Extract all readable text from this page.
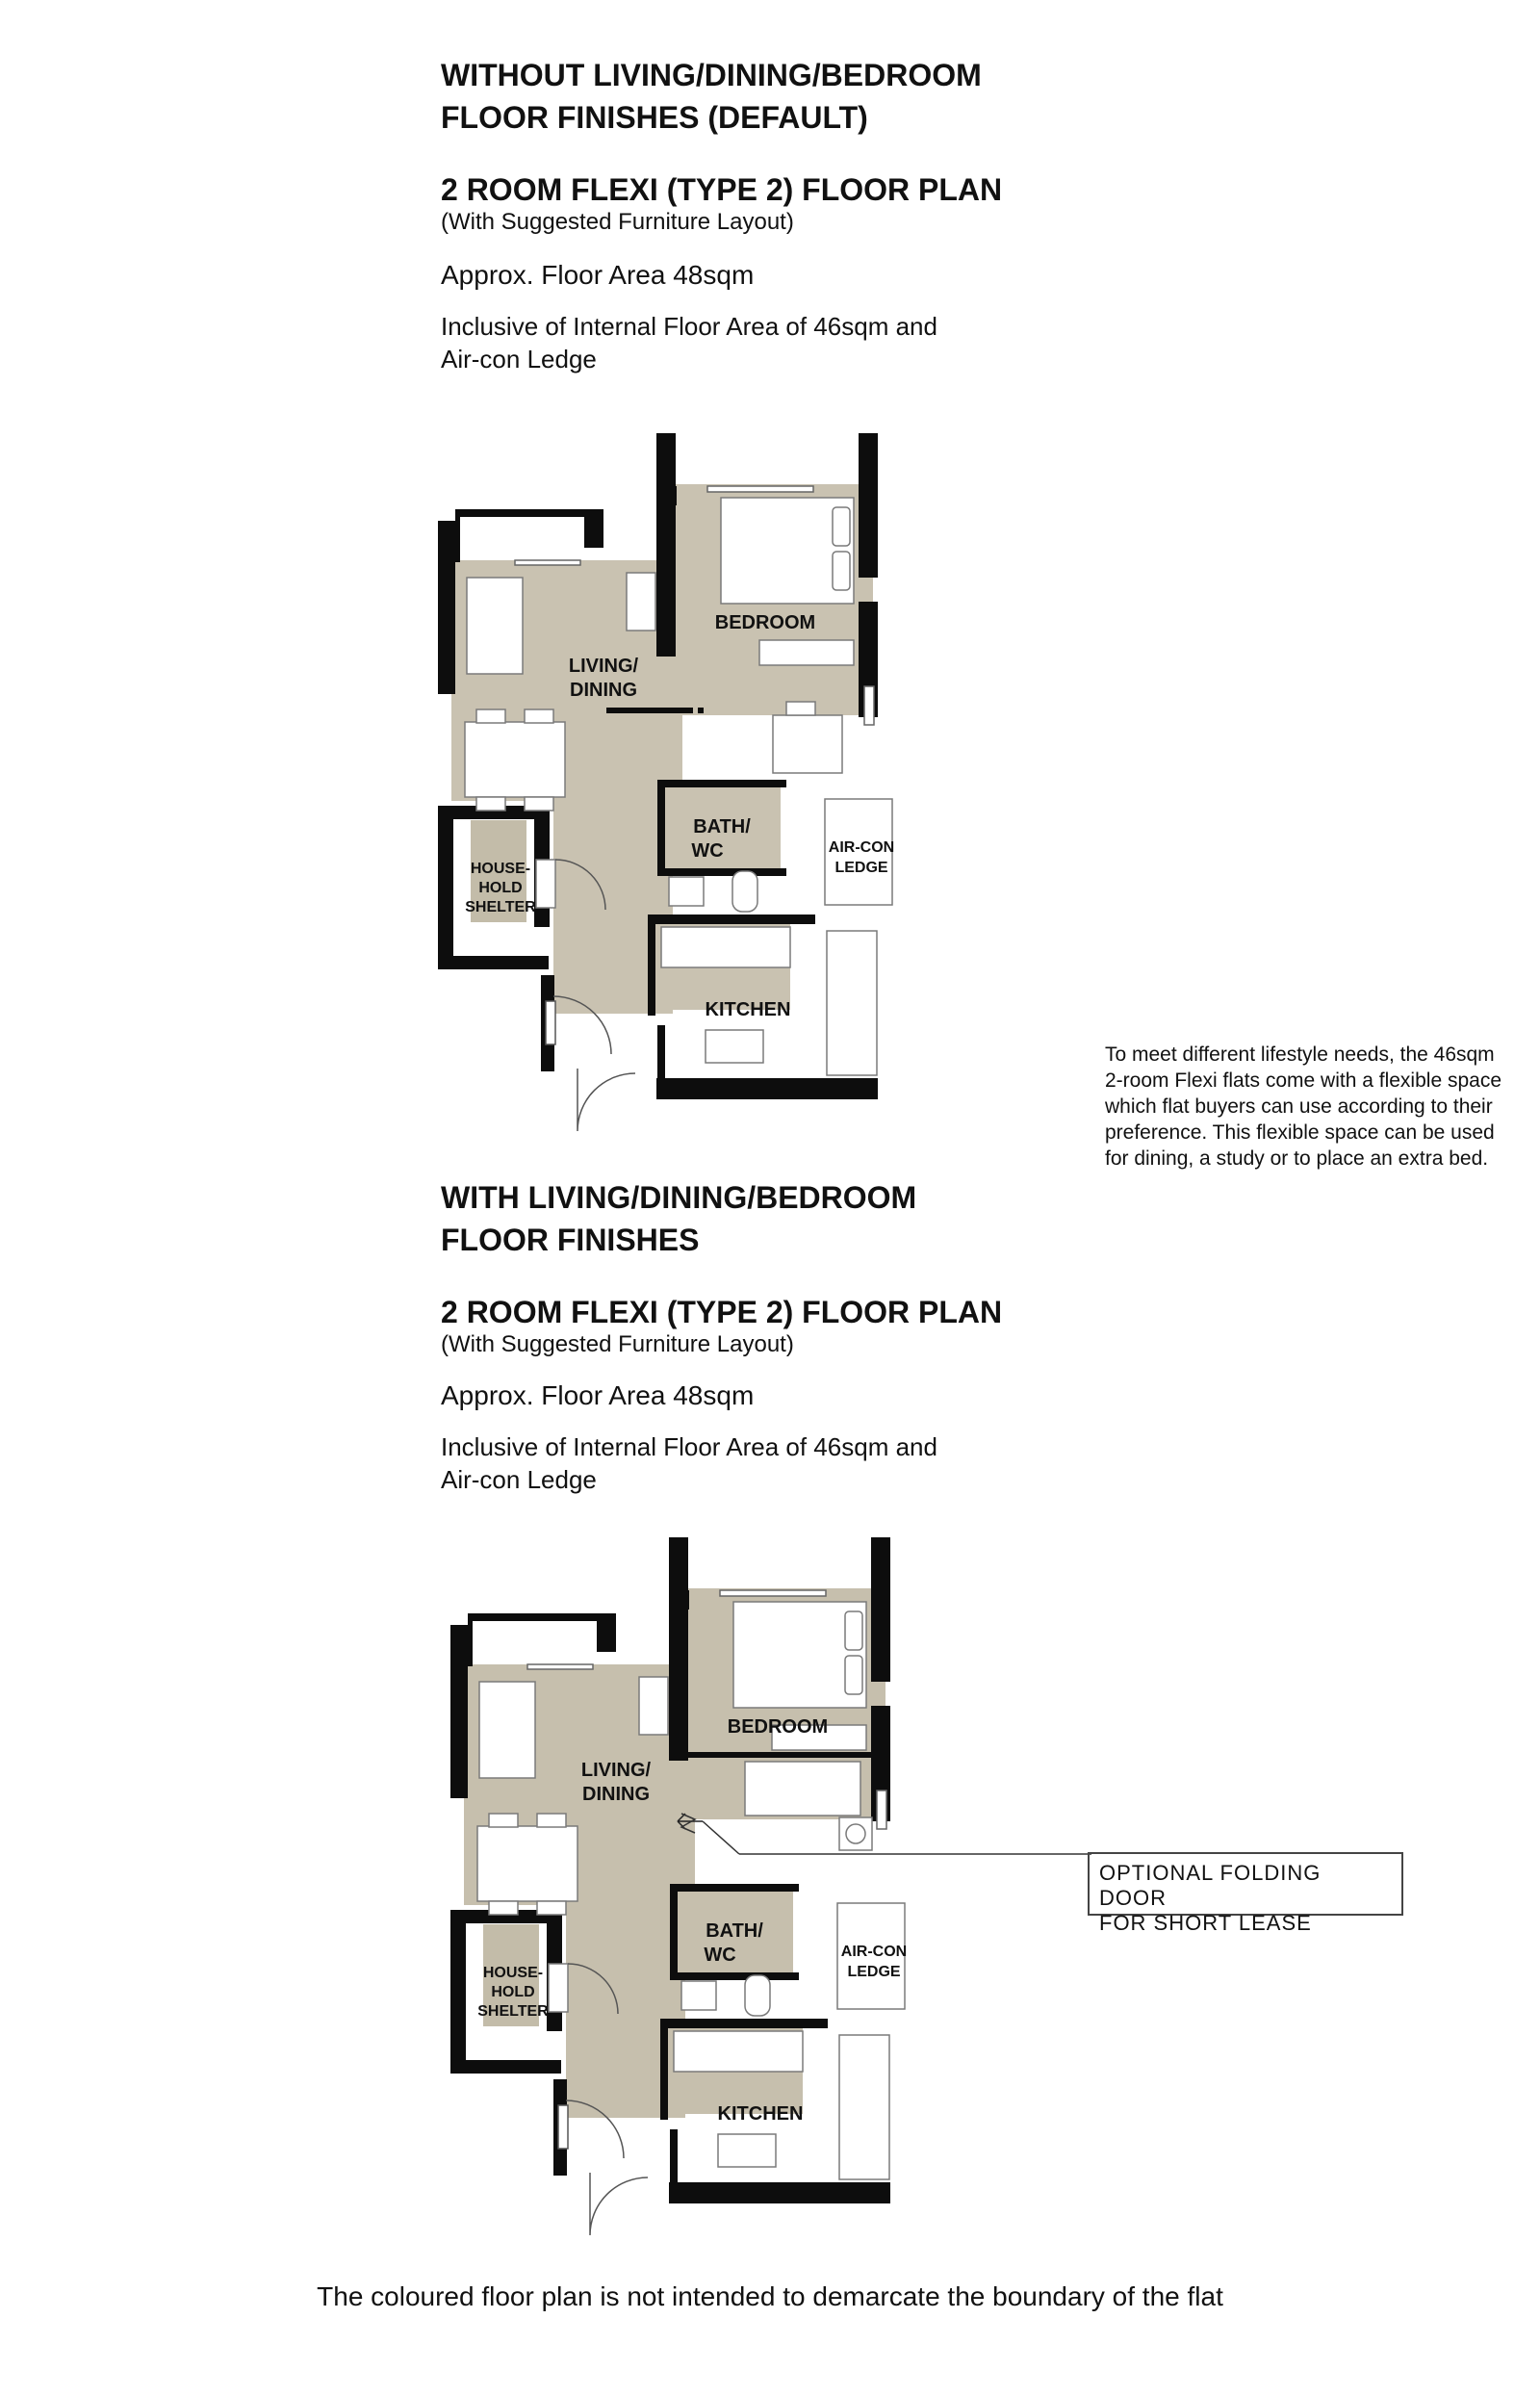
WITHOUT LIVING/DINING/BEDROOM

FLOOR FINISHES (DEFAULT)

2 ROOM FLEXI (TYPE 2) FLOOR PLAN

(With Suggested Furniture Layout)

Approx. Floor Area 48sqm

Inclusive of Internal Floor Area of 46sqm and

Air-con Ledge

BEDROOM
LIVING/
DINING
BATH/
WC	AIR-CON
LEDGE
HOUSE-
HOLD
SHELTER
KITCHEN
To meet different lifestyle needs, the 46sqm
2-room Flexi flats come with a flexible space
which flat buyers can use according to their
preference. This flexible space can be used
for dining, a study or to place an extra bed.

WITH LIVING/DINING/BEDROOM

FLOOR FINISHES

2 ROOM FLEXI (TYPE 2) FLOOR PLAN

(With Suggested Furniture Layout)

Approx. Floor Area 48sqm

Inclusive of Internal Floor Area of 46sqm and

Air-con Ledge

BEDROOM
LIVING/
DINING
BATH/
WC	AIR-CON
LEDGE
HOUSE-
HOLD
SHELTER
KITCHEN
OPTIONAL FOLDING DOOR
FOR SHORT LEASE
The coloured floor plan is not intended to demarcate the boundary of the flat
